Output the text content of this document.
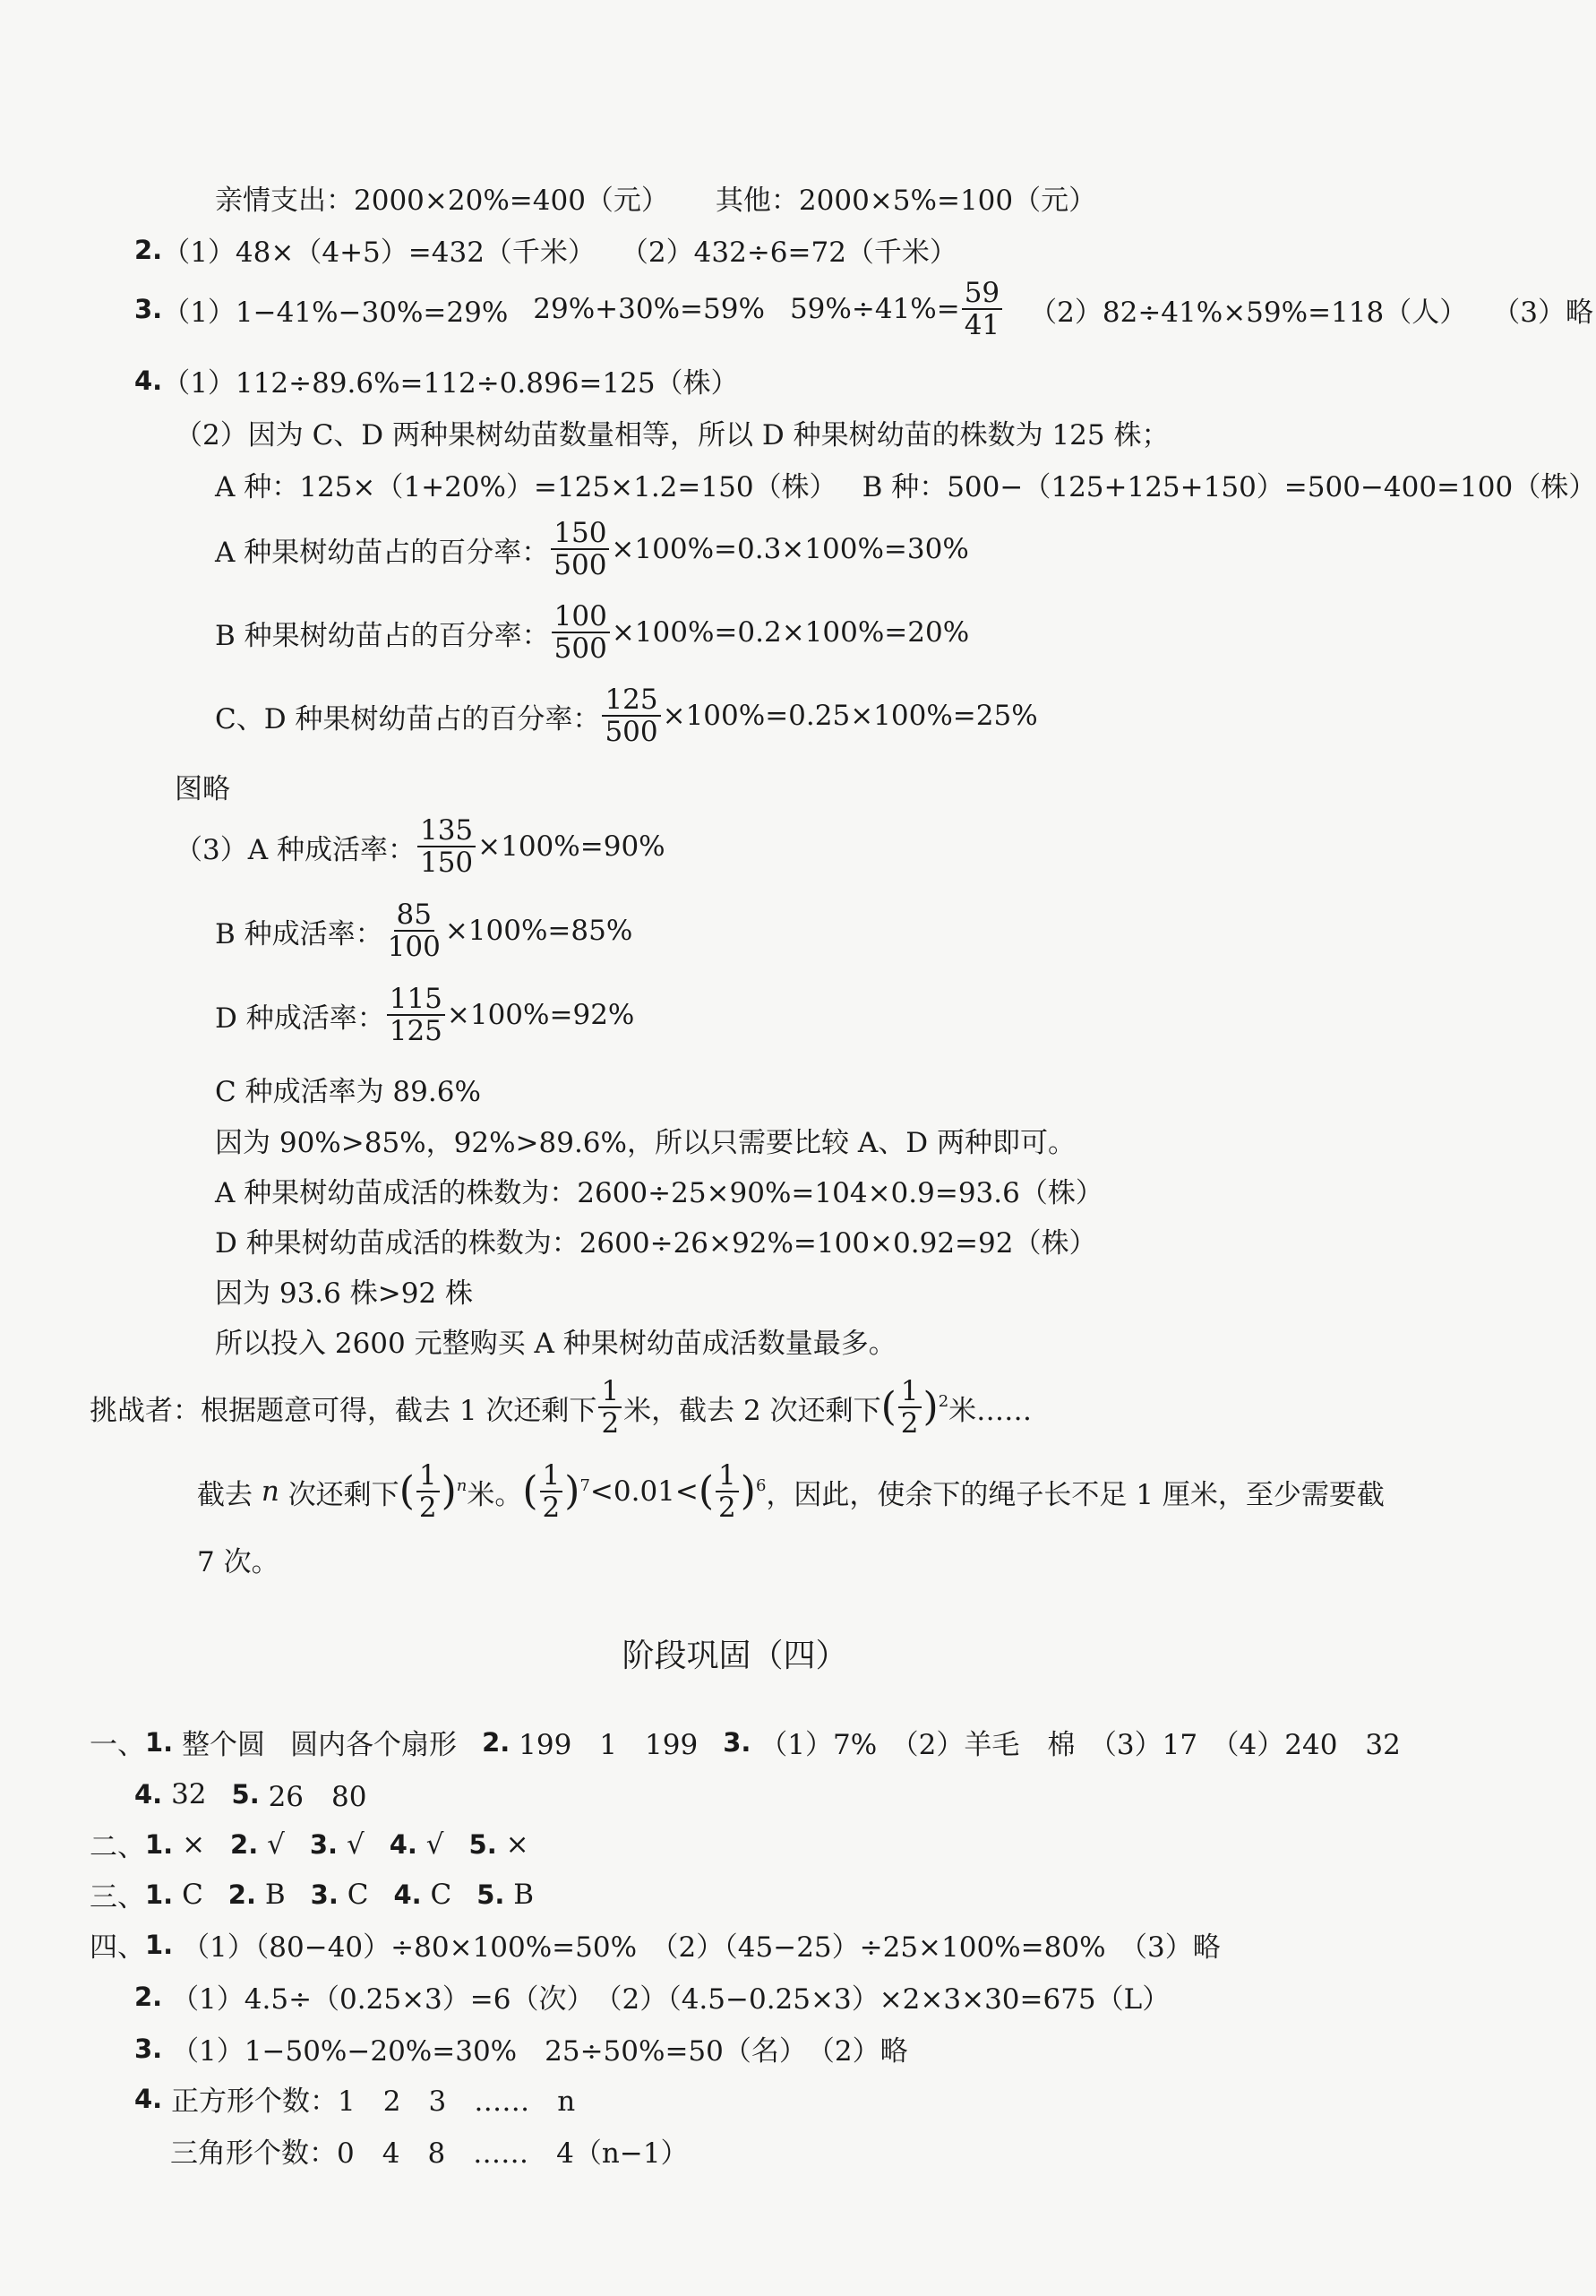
亲情支出：2000×20%=400（元） 其他：2000×5%=100（元）
2. （1）48×（4+5）=432（千米） （2）432÷6=72（千米）
3. （1）1−41%−30%=29% 29%+30%=59% $59\%\div 41\%= \frac{59}{41} (2)82\div 41\%\times 59\%=118$（人） （3）略
4. （1）112÷89.6%=112÷0.896=125（株）
（2）因为 C、D 两种果树幼苗数量相等，所以 D 种果树幼苗的株数为 125 株；
A 种：125×（1+20%）=125×1.2=150（株） B 种：500−（125+125+150）=500−400=100（株）
A 种果树幼苗占的百分率： $\frac{150}{500} \times 100\%=0.3\times 100\%=30\%$
B 种果树幼苗占的百分率： $\frac{100}{500} \times 100\%=0.2\times 100\%=20\%$
C、D 种果树幼苗占的百分率： $\frac{125}{500} \times 100\%=0.25\times 100\%=25\%$
图略
（3）A 种成活率： $\frac{135}{150} \times 100\%=90\%$
B 种成活率： $\frac{85}{100} \times 100\%=85\%$
D 种成活率： $\frac{115}{125} \times 100\%=92\%$
C 种成活率为 89.6%
因为 90%>85%，92%>89.6%，所以只需要比较 A、D 两种即可。
A 种果树幼苗成活的株数为：2600÷25×90%=104×0.9=93.6（株）
D 种果树幼苗成活的株数为：2600÷26×92%=100×0.92=92（株）
因为 93.6 株>92 株
所以投入 2600 元整购买 A 种果树幼苗成活数量最多。
挑战者：根据题意可得，截去 1 次还剩下 $\frac{1}{2}$ 米，截去 2 次还剩下 ( $\frac{1}{2} )^2$ 米……
截去
n
次还剩下 ( $\frac{1}{2} )^n$ 米。 ( $\frac{1}{2} )^7 <0.01<$ ( $\frac{1}{2} )^6$ ，因此，使余下的绳子长不足 1 厘米，至少需要截
7 次。
阶段巩固（四）
一、 1.
整个圆 圆内各个扇形 2.
199　1　199 3.
（1）7%　（2）羊毛　棉　（3）17　（4）240　32
4.
32 5.
26　80
二、 1.
× 2.
√ 3.
√ 4.
√ 5.
×
三、 1.
C 2.
B 3.
C 4.
C 5.
B
四、 1.
（1）（80−40）÷80×100%=50%　（2）（45−25）÷25×100%=80%　（3）略
2.
（1）4.5÷（0.25×3）=6（次）　（2）（4.5−0.25×3）×2×3×30=675（L）
3.
（1）1−50%−20%=30%　25÷50%=50（名）　（2）略
4.
正方形个数：1　2　3　……　n
三角形个数：0　4　8　……　4（n−1）
